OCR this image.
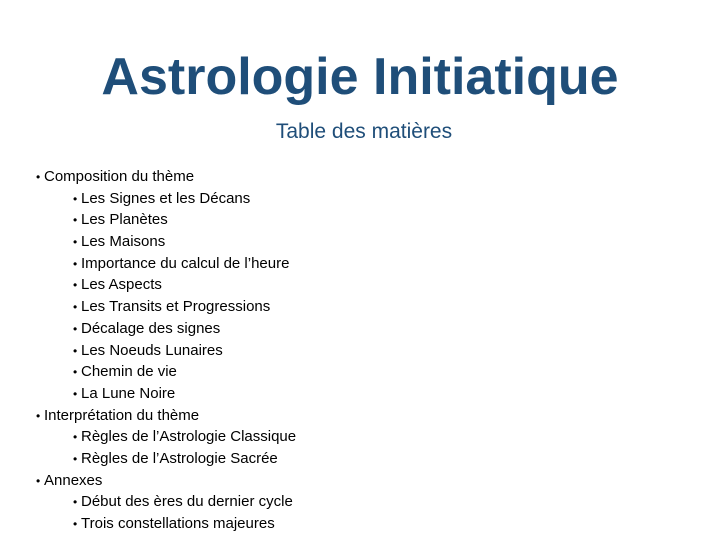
Astrologie Initiatique
Table des matières
• Composition du thème
• Les Signes et les Décans
• Les Planètes
• Les Maisons
• Importance du calcul de l’heure
• Les Aspects
• Les Transits et Progressions
• Décalage des signes
• Les Noeuds Lunaires
• Chemin de vie
• La Lune Noire
• Interprétation du thème
• Règles de l’Astrologie Classique
• Règles de l’Astrologie Sacrée
• Annexes
• Début des ères du dernier cycle
• Trois constellations majeures
